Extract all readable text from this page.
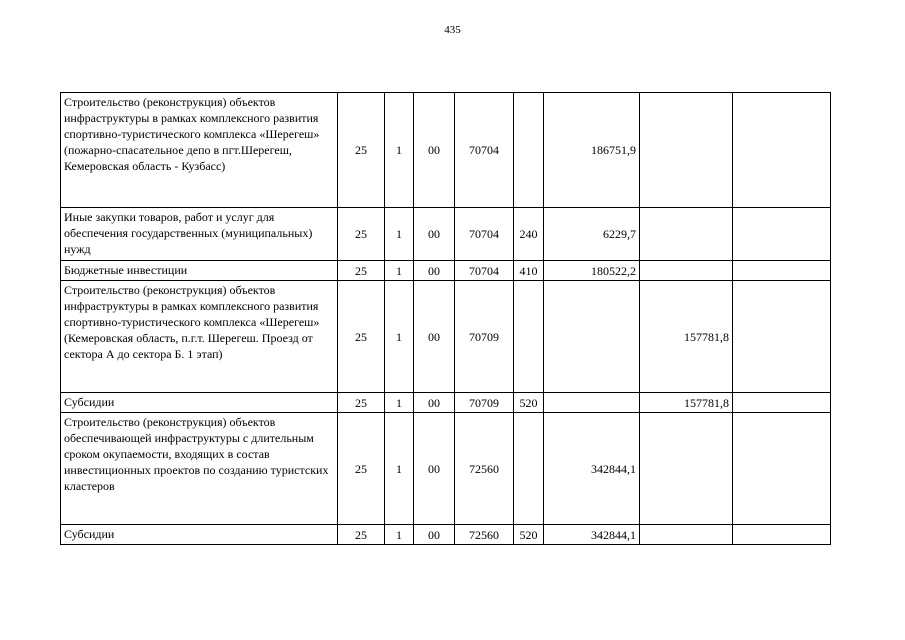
435
Строительство (реконструкция) объектов инфраструктуры в рамках комплексного развития спортивно-туристического комплекса «Шерегеш» (пожарно-спасательное депо в пгт.Шерегеш, Кемеровская область - Кузбасс)	25	1	00	70704		186751,9		
Иные закупки товаров, работ и услуг для обеспечения государственных (муниципальных) нужд	25	1	00	70704	240	6229,7		
Бюджетные инвестиции	25	1	00	70704	410	180522,2		
Строительство (реконструкция) объектов инфраструктуры в рамках комплексного развития спортивно-туристического комплекса «Шерегеш» (Кемеровская область, п.г.т. Шерегеш. Проезд от сектора А до сектора Б. 1 этап)	25	1	00	70709			157781,8	
Субсидии	25	1	00	70709	520		157781,8	
Строительство (реконструкция) объектов обеспечивающей инфраструктуры с длительным сроком окупаемости, входящих в состав инвестиционных проектов по созданию туристских кластеров	25	1	00	72560		342844,1		
Субсидии	25	1	00	72560	520	342844,1		
